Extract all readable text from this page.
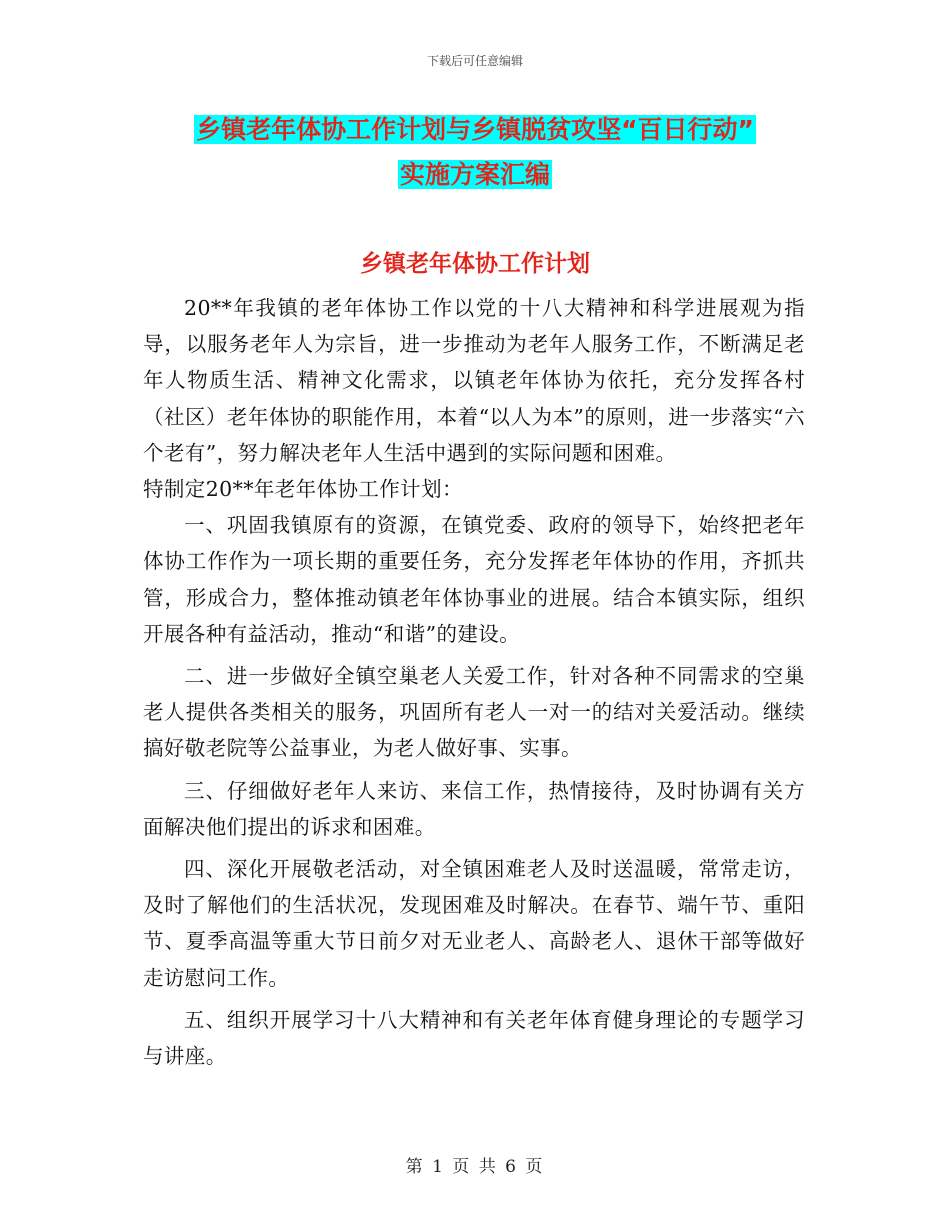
下载后可任意编辑
乡镇老年体协工作计划与乡镇脱贫攻坚“百日行动”
实施方案汇编
乡镇老年体协工作计划

20**年我镇的老年体协工作以党的十八大精神和科学进展观为指导，以服务老年人为宗旨，进一步推动为老年人服务工作，不断满足老年人物质生活、精神文化需求，以镇老年体协为依托，充分发挥各村（社区）老年体协的职能作用，本着“以人为本”的原则，进一步落实“六个老有”，努力解决老年人生活中遇到的实际问题和困难。

特制定20**年老年体协工作计划：

一、巩固我镇原有的资源，在镇党委、政府的领导下，始终把老年体协工作作为一项长期的重要任务，充分发挥老年体协的作用，齐抓共管，形成合力，整体推动镇老年体协事业的进展。结合本镇实际，组织开展各种有益活动，推动“和谐”的建设。

二、进一步做好全镇空巢老人关爱工作，针对各种不同需求的空巢老人提供各类相关的服务，巩固所有老人一对一的结对关爱活动。继续搞好敬老院等公益事业，为老人做好事、实事。

三、仔细做好老年人来访、来信工作，热情接待，及时协调有关方面解决他们提出的诉求和困难。

四、深化开展敬老活动，对全镇困难老人及时送温暖，常常走访，及时了解他们的生活状况，发现困难及时解决。在春节、端午节、重阳节、夏季高温等重大节日前夕对无业老人、高龄老人、退休干部等做好走访慰问工作。

五、组织开展学习十八大精神和有关老年体育健身理论的专题学习与讲座。

第 1 页 共 6 页
